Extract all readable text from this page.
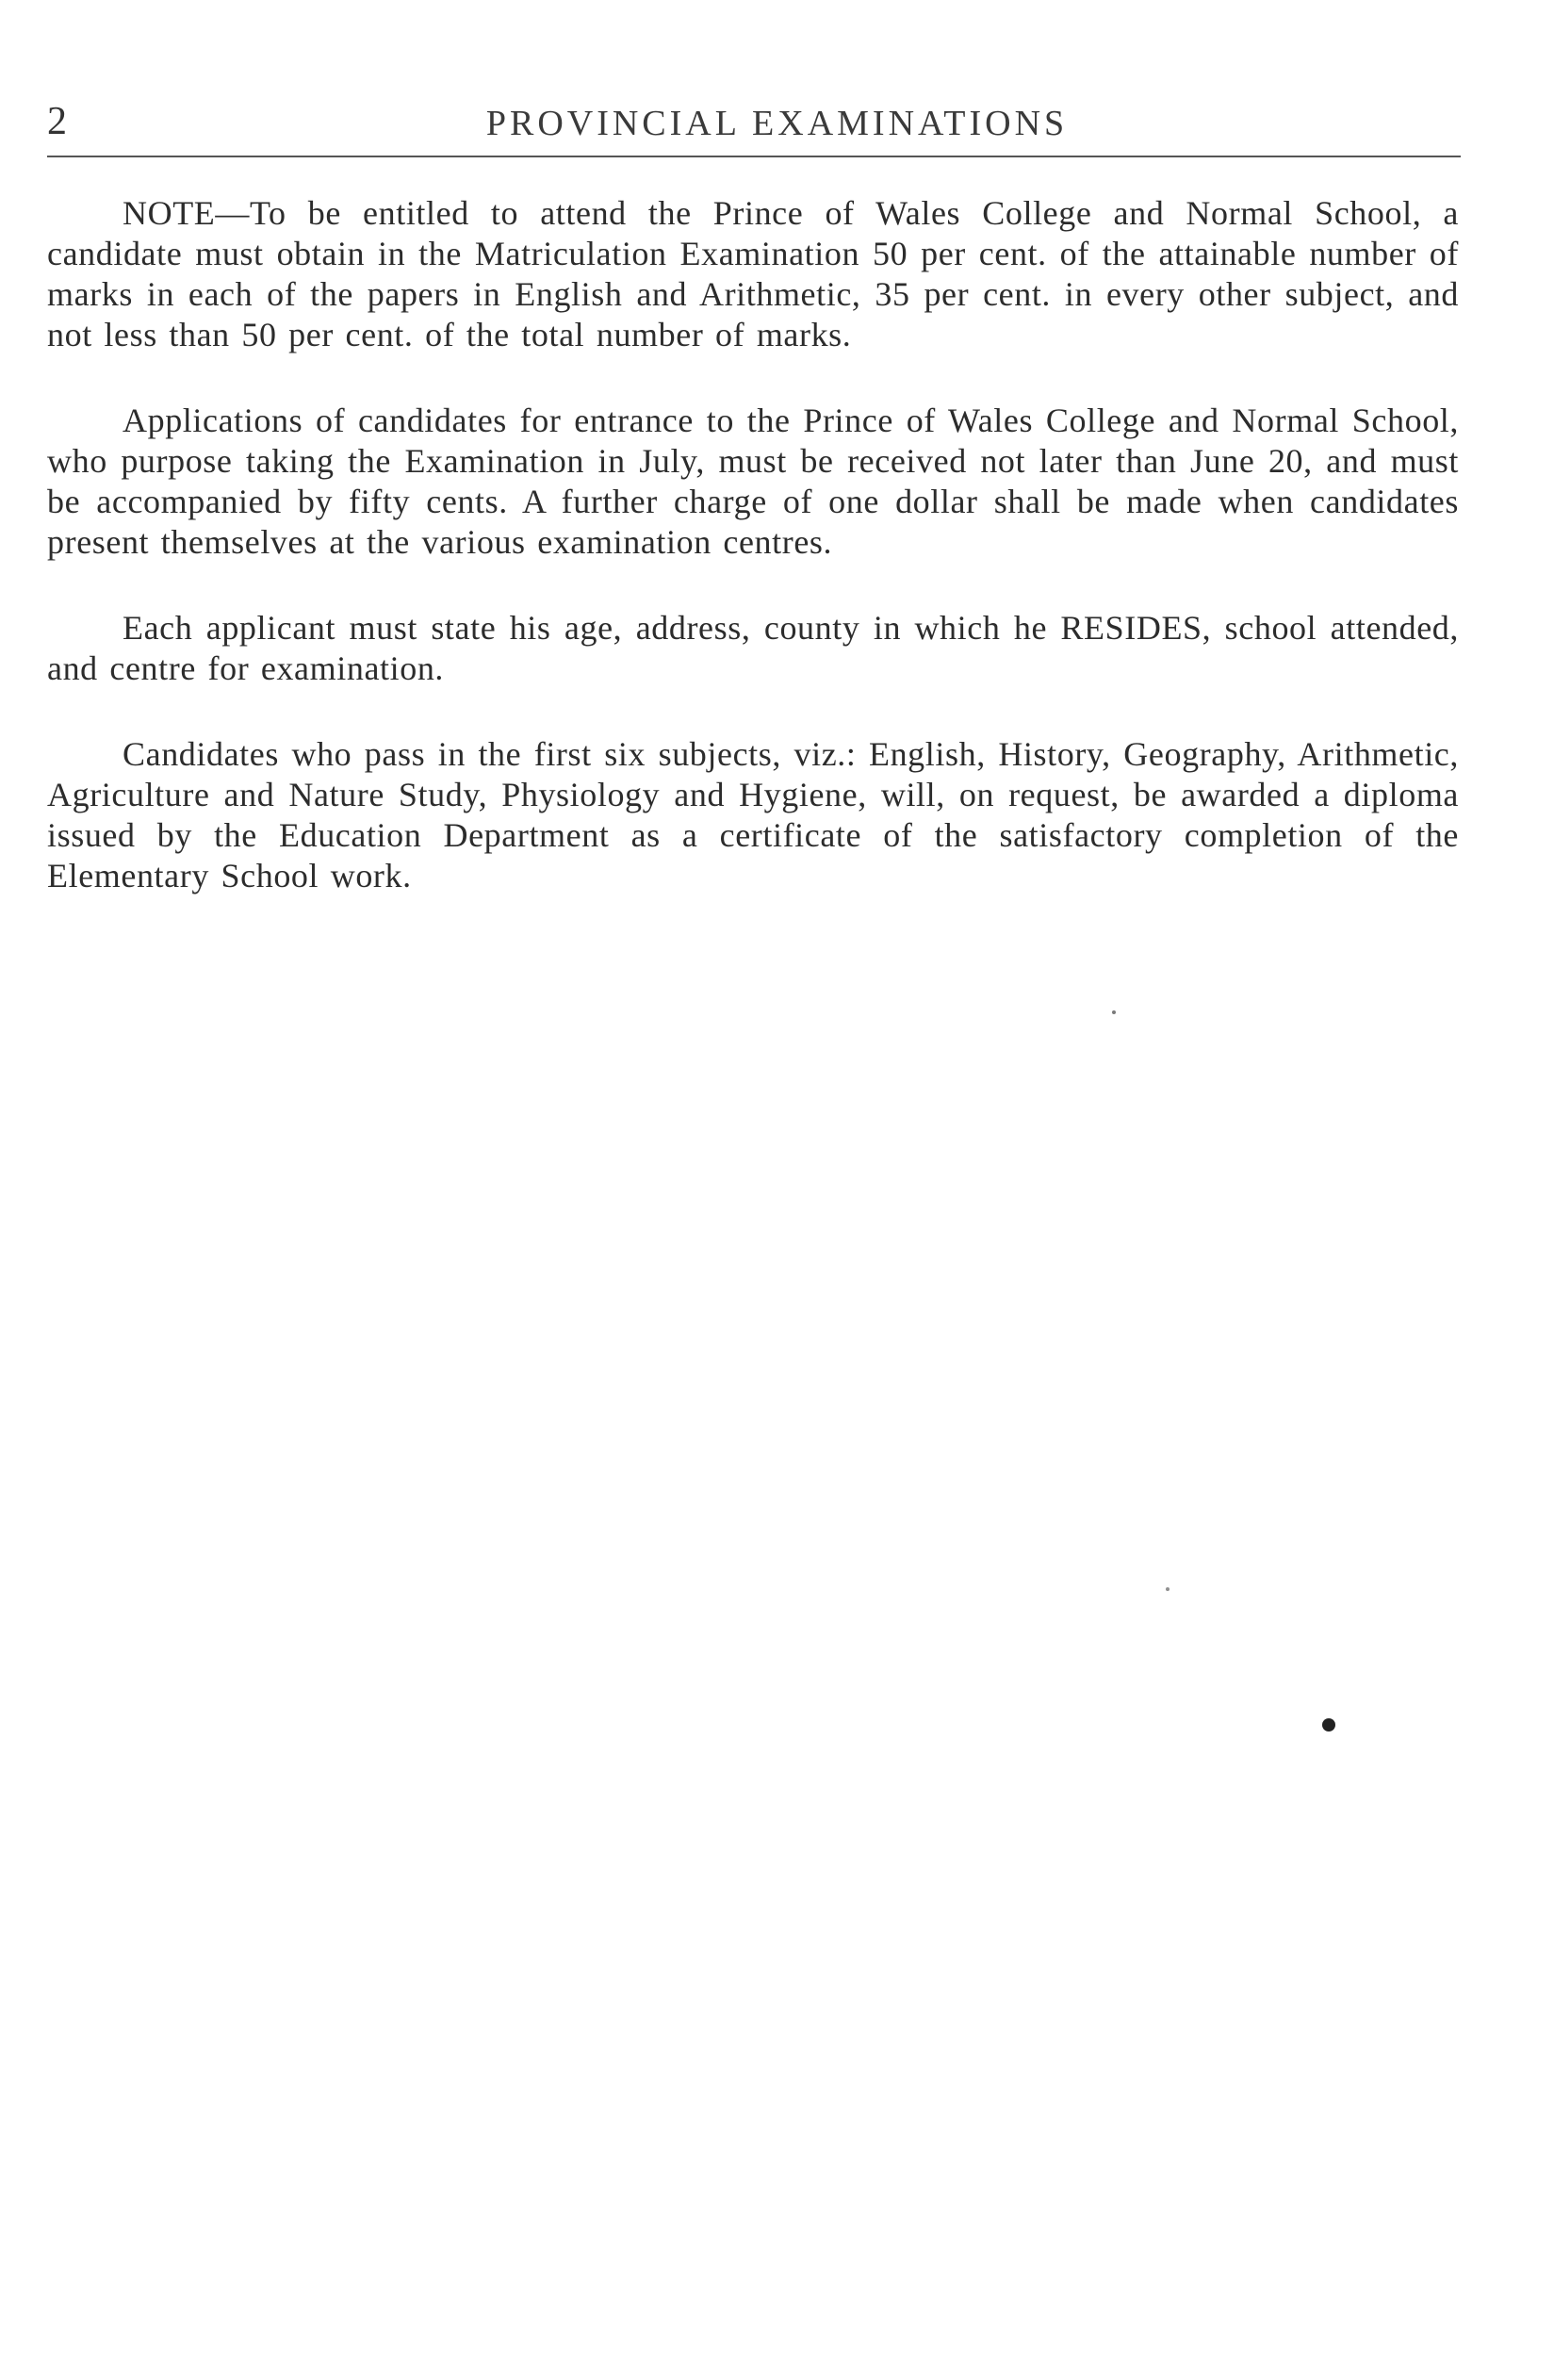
2	PROVINCIAL EXAMINATIONS

NOTE—To be entitled to attend the Prince of Wales College and Normal School, a candidate must obtain in the Matriculation Examination 50 per cent. of the attainable number of marks in each of the papers in English and Arithmetic, 35 per cent. in every other subject, and not less than 50 per cent. of the total number of marks.

Applications of candidates for entrance to the Prince of Wales College and Normal School, who purpose taking the Examination in July, must be received not later than June 20, and must be accompanied by fifty cents. A further charge of one dollar shall be made when candidates present themselves at the various examination centres.

Each applicant must state his age, address, county in which he RESIDES, school attended, and centre for examination.

Candidates who pass in the first six subjects, viz.: English, History, Geography, Arithmetic, Agriculture and Nature Study, Physiology and Hygiene, will, on request, be awarded a diploma issued by the Education Department as a certificate of the satisfactory completion of the Elementary School work.
